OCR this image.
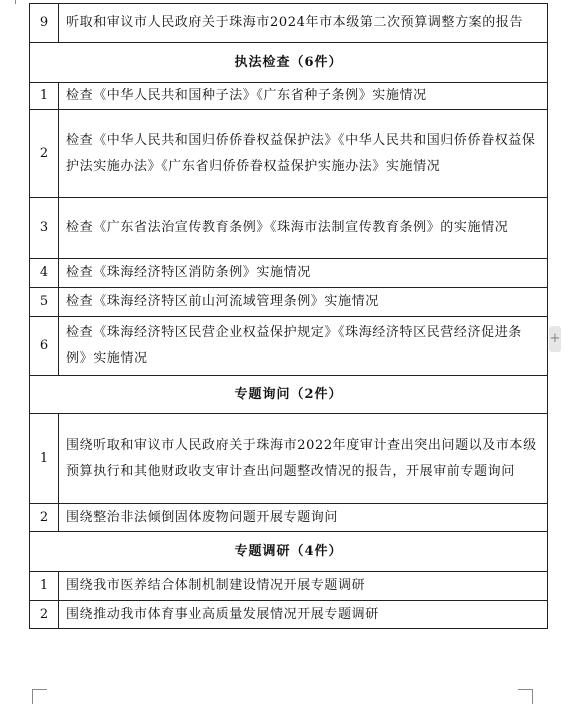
9	听取和审议市人民政府关于珠海市2024年市本级第二次预算调整方案的报告
执法检查（6件）	
1	检查《中华人民共和国种子法》《广东省种子条例》实施情况
2	检查《中华人民共和国归侨侨眷权益保护法》《中华人民共和国归侨侨眷权益保护法实施办法》《广东省归侨侨眷权益保护实施办法》实施情况
3	检查《广东省法治宣传教育条例》《珠海市法制宣传教育条例》的实施情况
4	检查《珠海经济特区消防条例》实施情况
5	检查《珠海经济特区前山河流域管理条例》实施情况
6	检查《珠海经济特区民营企业权益保护规定》《珠海经济特区民营经济促进条例》实施情况
专题询问（2件）	
1	围绕听取和审议市人民政府关于珠海市2022年度审计查出突出问题以及市本级预算执行和其他财政收支审计查出问题整改情况的报告，开展审前专题询问
2	围绕整治非法倾倒固体废物问题开展专题询问
专题调研（4件）	
1	围绕我市医养结合体制机制建设情况开展专题调研
2	围绕推动我市体育事业高质量发展情况开展专题调研
+
